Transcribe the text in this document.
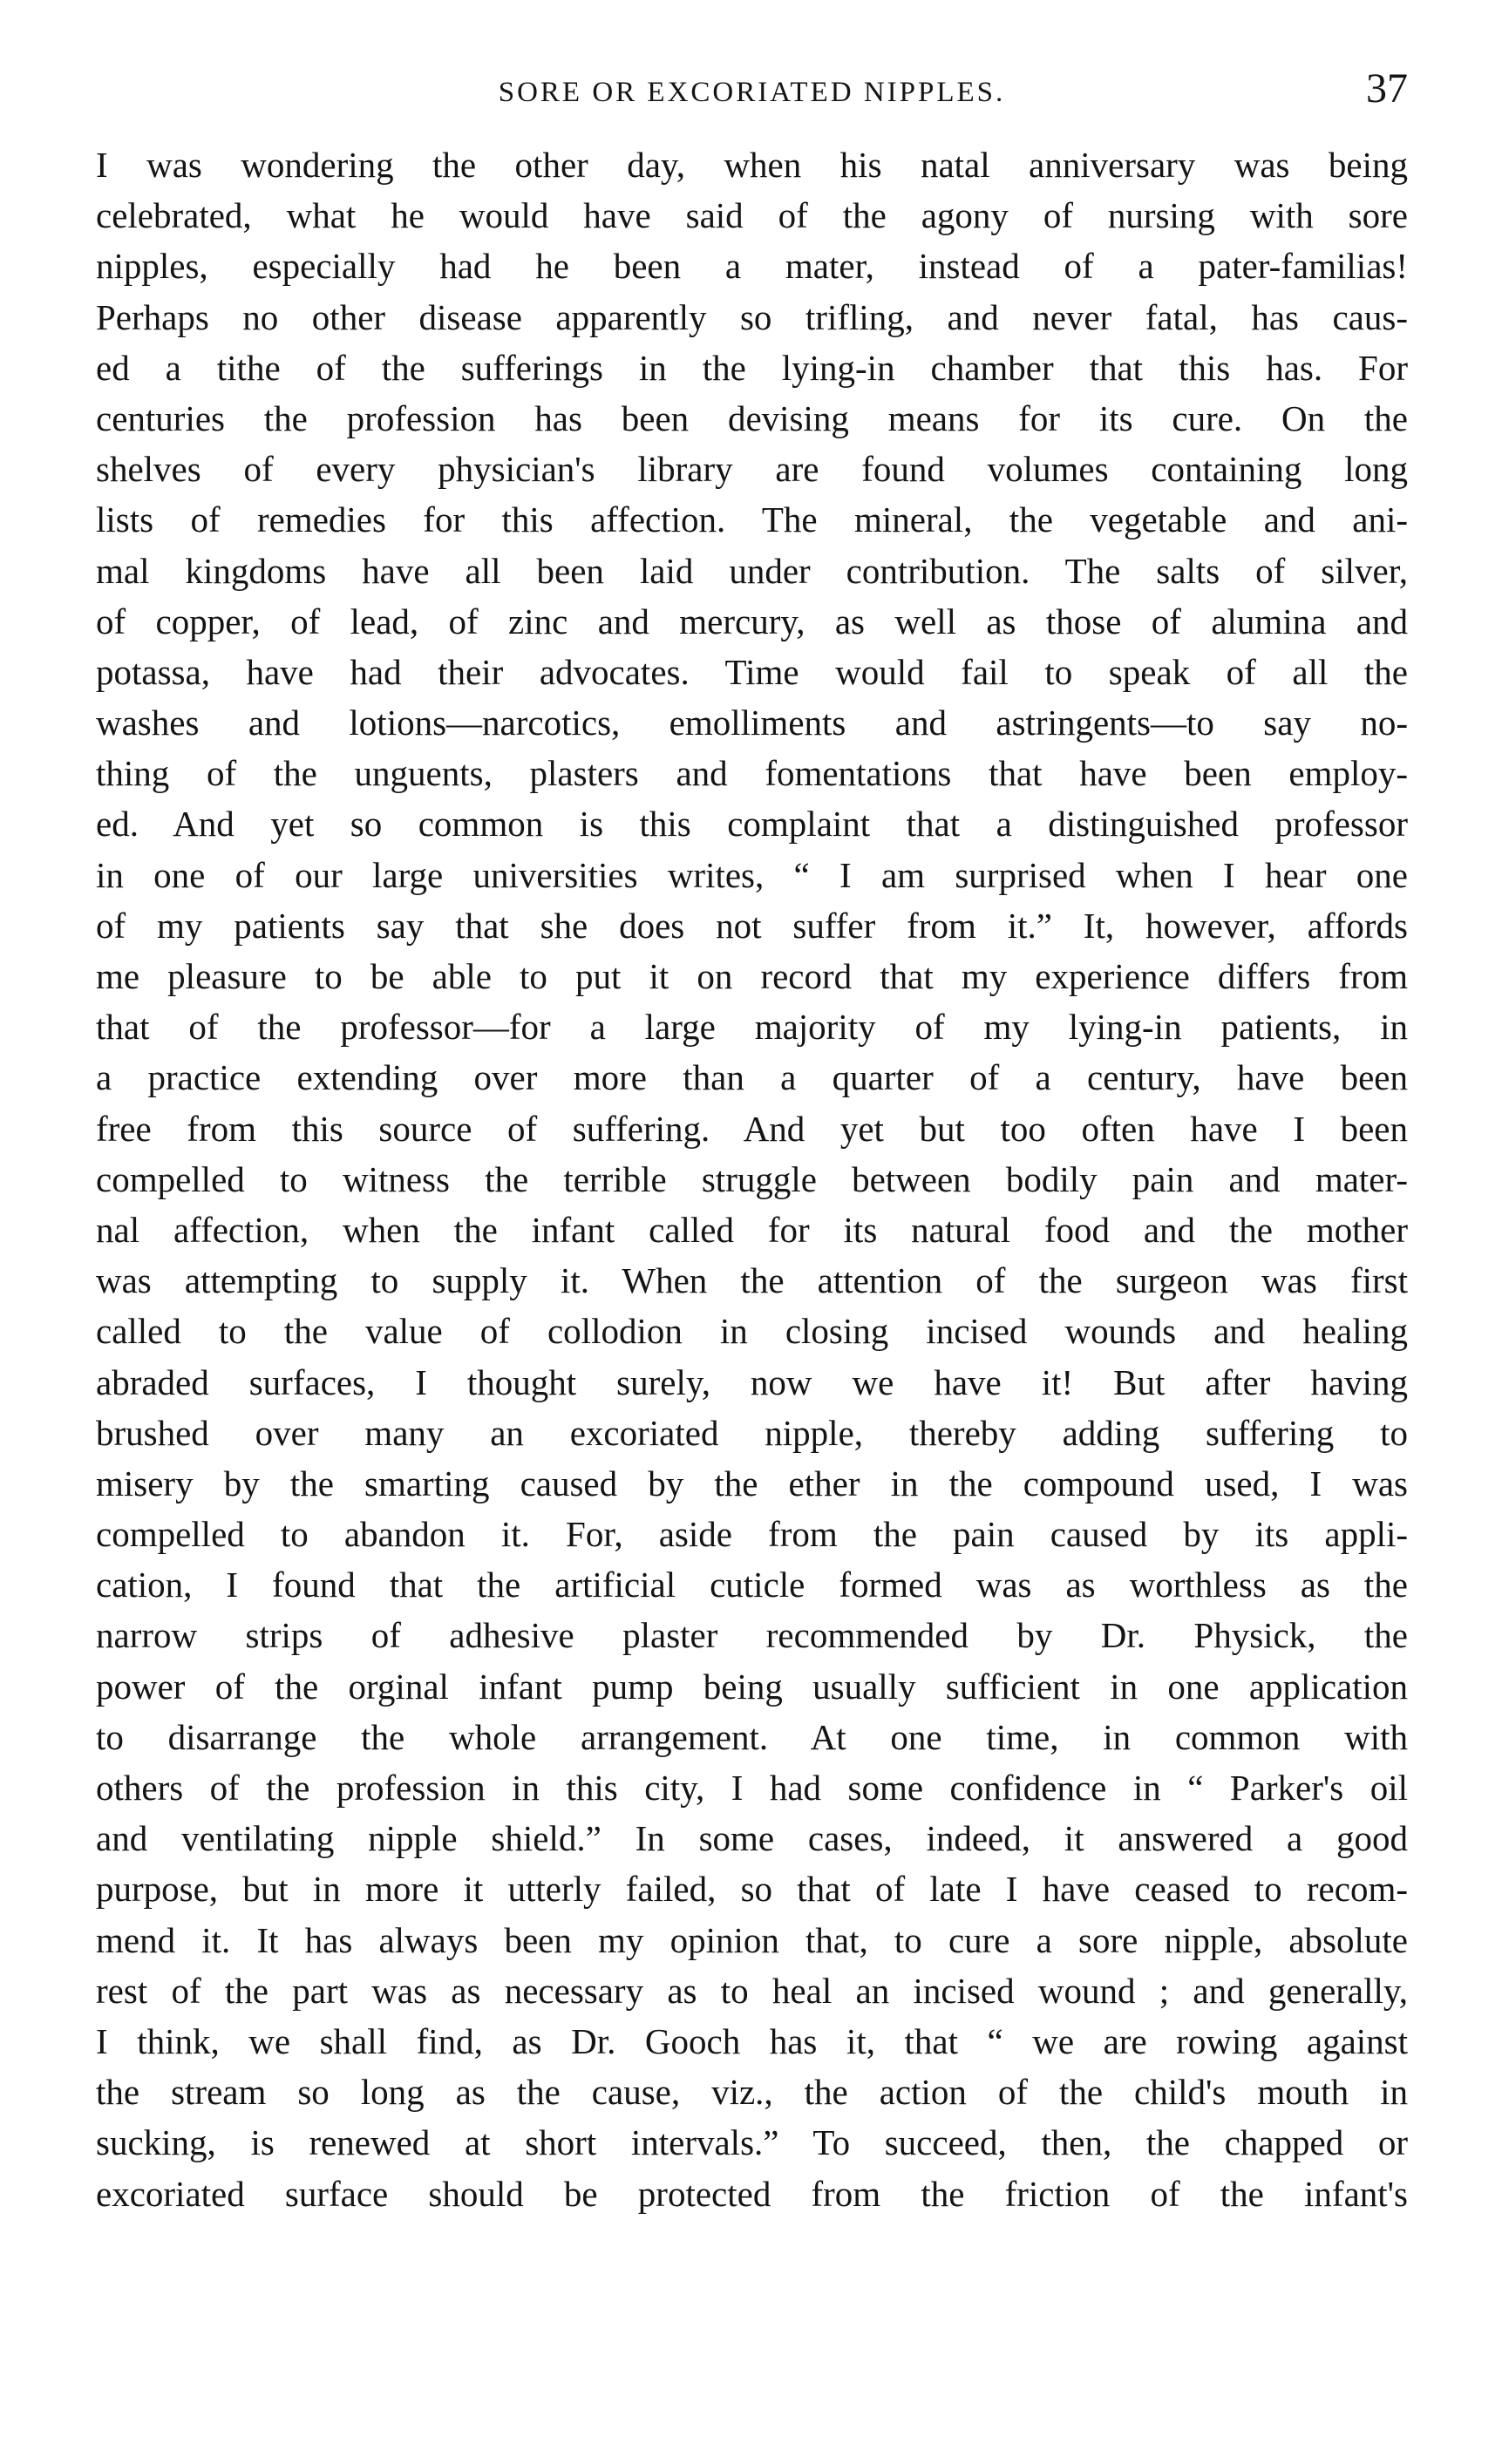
SORE OR EXCORIATED NIPPLES.	37
I was wondering the other day, when his natal anniversary was being
celebrated, what he would have said of the agony of nursing with sore
nipples, especially had he been a mater, instead of a pater-familias!
Perhaps no other disease apparently so trifling, and never fatal, has caus-
ed a tithe of the sufferings in the lying-in chamber that this has. For
centuries the profession has been devising means for its cure. On the
shelves of every physician's library are found volumes containing long
lists of remedies for this affection. The mineral, the vegetable and ani-
mal kingdoms have all been laid under contribution. The salts of silver,
of copper, of lead, of zinc and mercury, as well as those of alumina and
potassa, have had their advocates. Time would fail to speak of all the
washes and lotions—narcotics, emolliments and astringents—to say no-
thing of the unguents, plasters and fomentations that have been employ-
ed. And yet so common is this complaint that a distinguished professor
in one of our large universities writes, “ I am surprised when I hear one
of my patients say that she does not suffer from it.” It, however, affords
me pleasure to be able to put it on record that my experience differs from
that of the professor—for a large majority of my lying-in patients, in
a practice extending over more than a quarter of a century, have been
free from this source of suffering. And yet but too often have I been
compelled to witness the terrible struggle between bodily pain and mater-
nal affection, when the infant called for its natural food and the mother
was attempting to supply it. When the attention of the surgeon was first
called to the value of collodion in closing incised wounds and healing
abraded surfaces, I thought surely, now we have it! But after having
brushed over many an excoriated nipple, thereby adding suffering to
misery by the smarting caused by the ether in the compound used, I was
compelled to abandon it. For, aside from the pain caused by its appli-
cation, I found that the artificial cuticle formed was as worthless as the
narrow strips of adhesive plaster recommended by Dr. Physick, the
power of the orginal infant pump being usually sufficient in one application
to disarrange the whole arrangement. At one time, in common with
others of the profession in this city, I had some confidence in “ Parker's oil
and ventilating nipple shield.” In some cases, indeed, it answered a good
purpose, but in more it utterly failed, so that of late I have ceased to recom-
mend it. It has always been my opinion that, to cure a sore nipple, absolute
rest of the part was as necessary as to heal an incised wound ; and generally,
I think, we shall find, as Dr. Gooch has it, that “ we are rowing against
the stream so long as the cause, viz., the action of the child's mouth in
sucking, is renewed at short intervals.” To succeed, then, the chapped or
excoriated surface should be protected from the friction of the infant's
